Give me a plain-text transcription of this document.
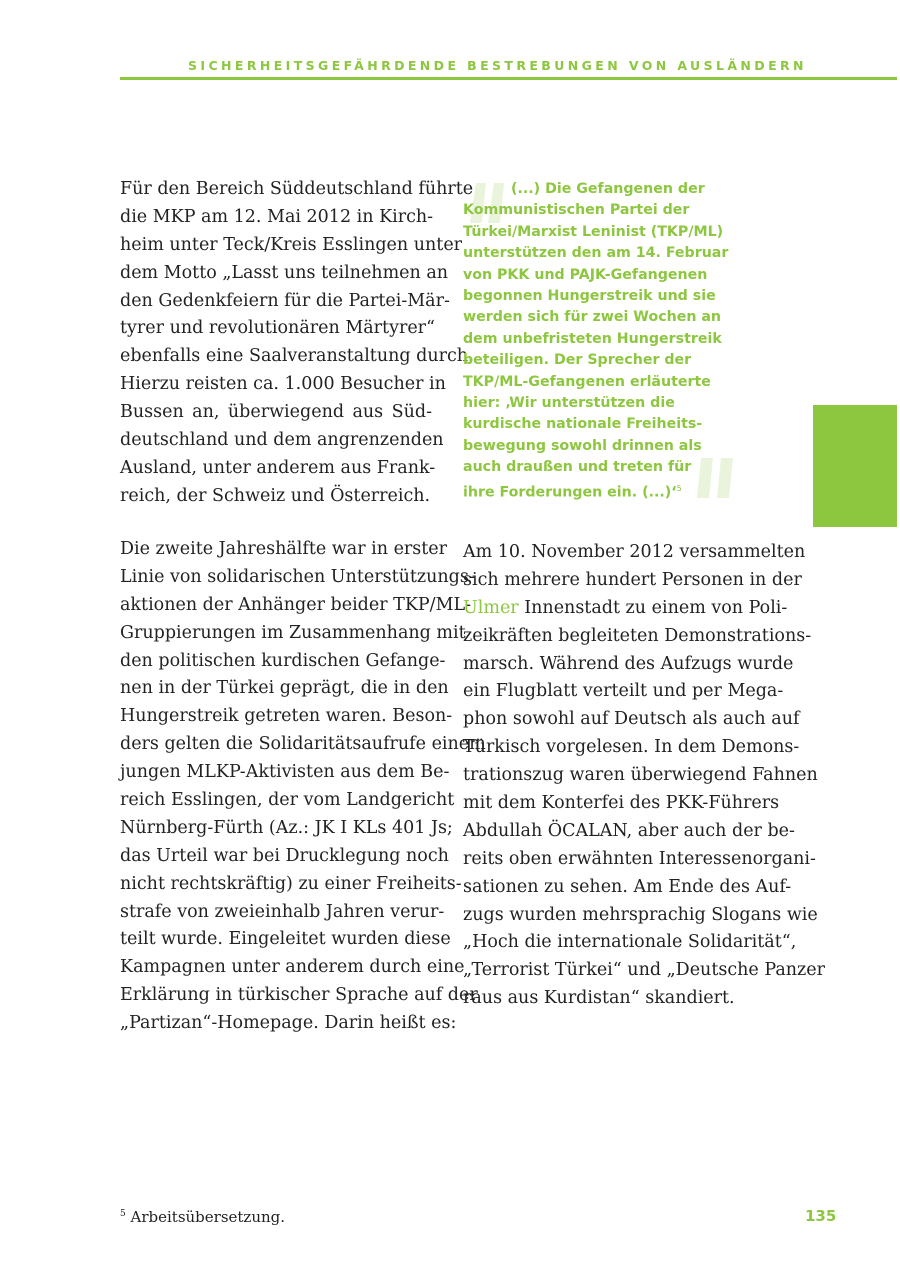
SICHERHEITSGEFÄHRDENDE BESTREBUNGEN VON AUSLÄNDERN
Für den Bereich Süddeutschland führte
die MKP am 12. Mai 2012 in Kirch-
heim unter Teck/Kreis Esslingen unter
dem Motto „Lasst uns teilnehmen an
den Gedenkfeiern für die Partei-Mär-
tyrer und revolutionären Märtyrer“
ebenfalls eine Saalveranstaltung durch.
Hierzu reisten ca. 1.000 Besucher in
Bussen an, überwiegend aus Süd-
deutschland und dem angrenzenden
Ausland, unter anderem aus Frank-
reich, der Schweiz und Österreich.
Die zweite Jahreshälfte war in erster
Linie von solidarischen Unterstützungs-
aktionen der Anhänger beider TKP/ML-
Gruppierungen im Zusammenhang mit
den politischen kurdischen Gefange-
nen in der Türkei geprägt, die in den
Hungerstreik getreten waren. Beson-
ders gelten die Solidaritätsaufrufe einem
jungen MLKP-Aktivisten aus dem Be-
reich Esslingen, der vom Landgericht
Nürnberg-Fürth (Az.: JK I KLs 401 Js;
das Urteil war bei Drucklegung noch
nicht rechtskräftig) zu einer Freiheits-
strafe von zweieinhalb Jahren verur-
teilt wurde. Eingeleitet wurden diese
Kampagnen unter anderem durch eine
Erklärung in türkischer Sprache auf der
„Partizan“-Homepage. Darin heißt es:
(...) Die Gefangenen der
Kommunistischen Partei der
Türkei/Marxist Leninist (TKP/ML)
unterstützen den am 14. Februar
von PKK und PAJK-Gefangenen
begonnen Hungerstreik und sie
werden sich für zwei Wochen an
dem unbefristeten Hungerstreik
beteiligen. Der Sprecher der
TKP/ML-Gefangenen erläuterte
hier: ‚Wir unterstützen die
kurdische nationale Freiheits-
bewegung sowohl drinnen als
auch draußen und treten für
ihre Forderungen ein. (...)‘$^5$
Am 10. November 2012 versammelten
sich mehrere hundert Personen in der
Ulmer Innenstadt zu einem von Poli-
zeikräften begleiteten Demonstrations-
marsch. Während des Aufzugs wurde
ein Flugblatt verteilt und per Mega-
phon sowohl auf Deutsch als auch auf
Türkisch vorgelesen. In dem Demons-
trationszug waren überwiegend Fahnen
mit dem Konterfei des PKK-Führers
Abdullah ÖCALAN, aber auch der be-
reits oben erwähnten Interessenorgani-
sationen zu sehen. Am Ende des Auf-
zugs wurden mehrsprachig Slogans wie
„Hoch die internationale Solidarität“,
„Terrorist Türkei“ und „Deutsche Panzer
raus aus Kurdistan“ skandiert.
$^5$ Arbeitsübersetzung.	135
